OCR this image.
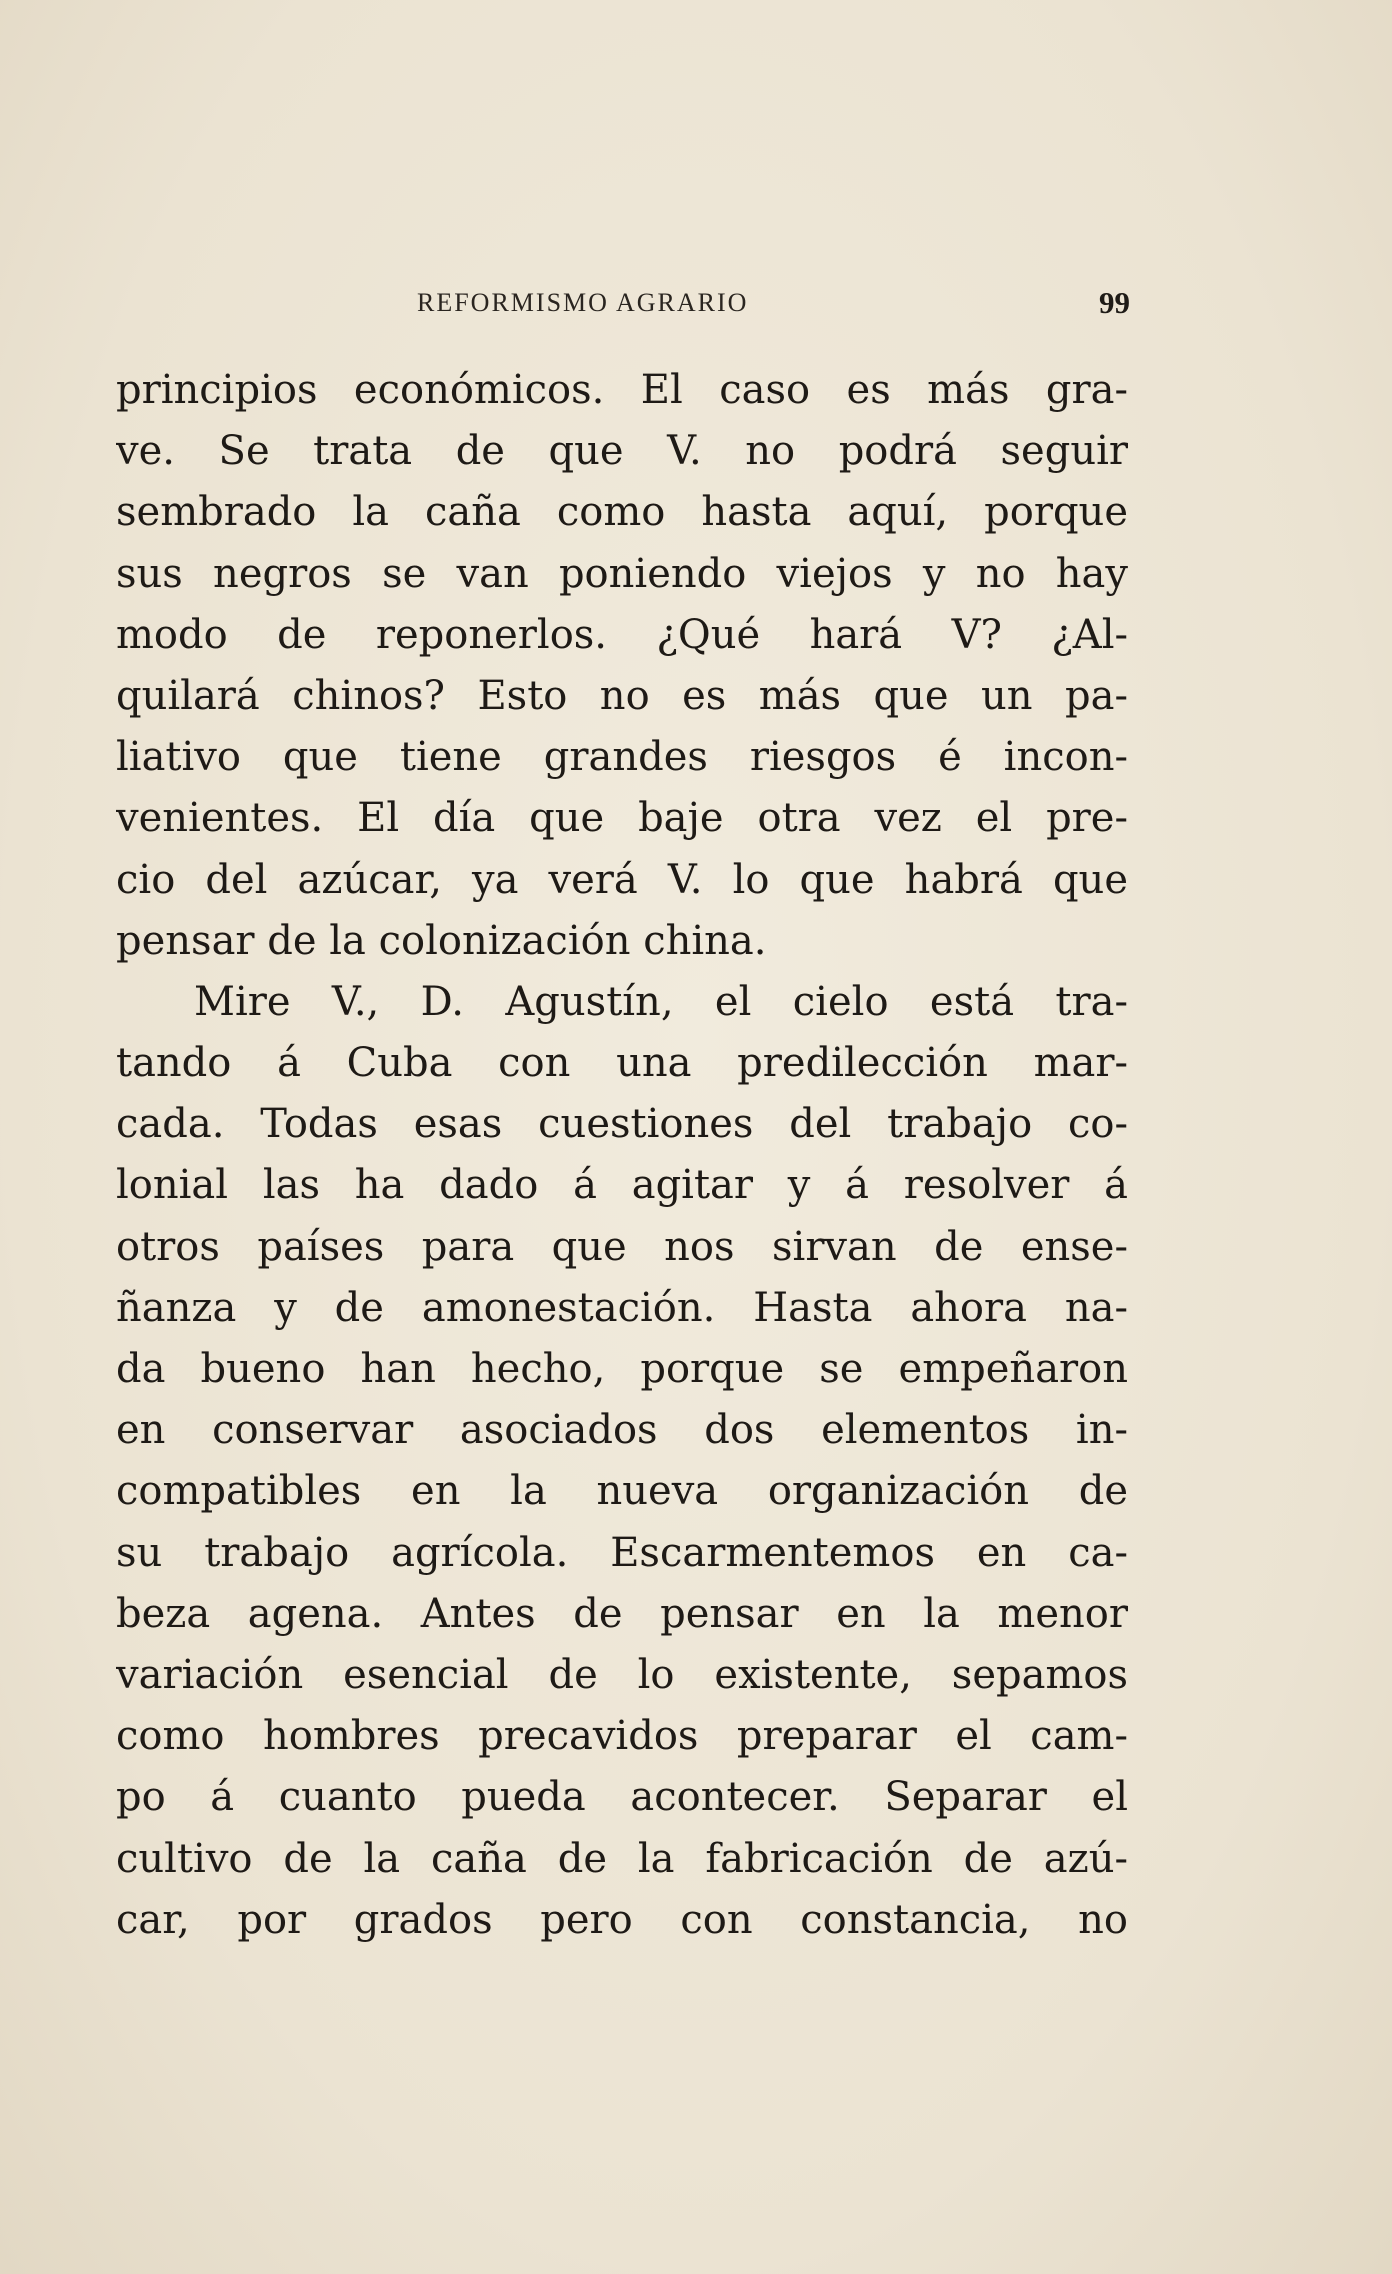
REFORMISMO AGRARIO	99
principios económicos. El caso es más gra-
ve. Se trata de que V. no podrá seguir
sembrado la caña como hasta aquí, porque
sus negros se van poniendo viejos y no hay
modo de reponerlos. ¿Qué hará V? ¿Al-
quilará chinos? Esto no es más que un pa-
liativo que tiene grandes riesgos é incon-
venientes. El día que baje otra vez el pre-
cio del azúcar, ya verá V. lo que habrá que
pensar de la colonización china.
Mire V., D. Agustín, el cielo está tra-
tando á Cuba con una predilección mar-
cada. Todas esas cuestiones del trabajo co-
lonial las ha dado á agitar y á resolver á
otros países para que nos sirvan de ense-
ñanza y de amonestación. Hasta ahora na-
da bueno han hecho, porque se empeñaron
en conservar asociados dos elementos in-
compatibles en la nueva organización de
su trabajo agrícola. Escarmentemos en ca-
beza agena. Antes de pensar en la menor
variación esencial de lo existente, sepamos
como hombres precavidos preparar el cam-
po á cuanto pueda acontecer. Separar el
cultivo de la caña de la fabricación de azú-
car, por grados pero con constancia, no
